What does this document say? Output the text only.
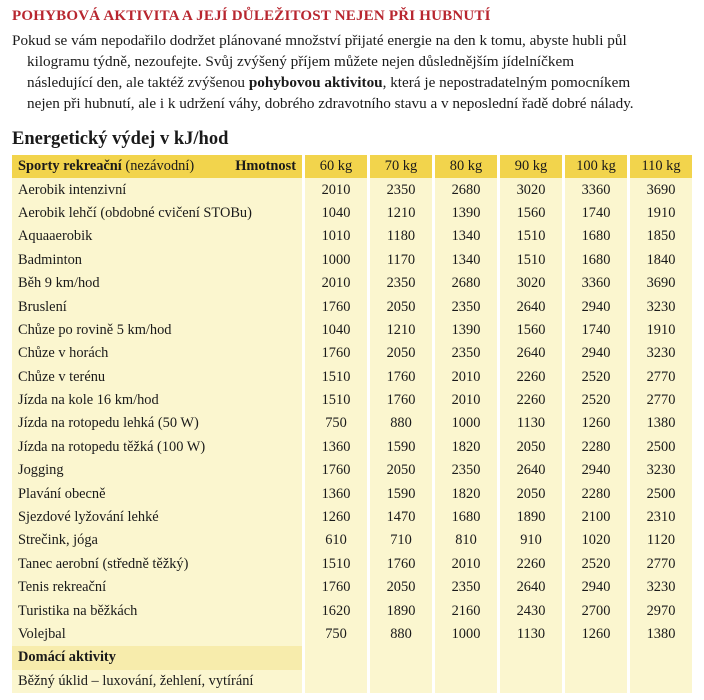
POHYBOVÁ AKTIVITA A JEJÍ DŮLEŽITOST NEJEN PŘI HUBNUTÍ
Pokud se vám nepodařilo dodržet plánované množství přijaté energie na den k tomu, abyste hubli půl
kilogramu týdně, nezoufejte. Svůj zvýšený příjem můžete nejen důslednějším jídelníčkem
následující den, ale taktéž zvýšenou pohybovou aktivitou, která je nepostradatelným pomocníkem
nejen při hubnutí, ale i k udržení váhy, dobrého zdravotního stavu a v neposlední řadě dobré nálady.
Energetický výdej v kJ/hod
Sporty rekreační (nezávodní) Hmotnost	60 kg	70 kg	80 kg	90 kg	100 kg	110 kg
Aerobik intenzivní	2010	2350	2680	3020	3360	3690
Aerobik lehčí (obdobné cvičení STOBu)	1040	1210	1390	1560	1740	1910
Aquaaerobik	1010	1180	1340	1510	1680	1850
Badminton	1000	1170	1340	1510	1680	1840
Běh 9 km/hod	2010	2350	2680	3020	3360	3690
Bruslení	1760	2050	2350	2640	2940	3230
Chůze po rovině 5 km/hod	1040	1210	1390	1560	1740	1910
Chůze v horách	1760	2050	2350	2640	2940	3230
Chůze v terénu	1510	1760	2010	2260	2520	2770
Jízda na kole 16 km/hod	1510	1760	2010	2260	2520	2770
Jízda na rotopedu lehká (50 W)	750	880	1000	1130	1260	1380
Jízda na rotopedu těžká (100 W)	1360	1590	1820	2050	2280	2500
Jogging	1760	2050	2350	2640	2940	3230
Plavání obecně	1360	1590	1820	2050	2280	2500
Sjezdové lyžování lehké	1260	1470	1680	1890	2100	2310
Strečink, jóga	610	710	810	910	1020	1120
Tanec aerobní (středně těžký)	1510	1760	2010	2260	2520	2770
Tenis rekreační	1760	2050	2350	2640	2940	3230
Turistika na běžkách	1620	1890	2160	2430	2700	2970
Volejbal	750	880	1000	1130	1260	1380
Domácí aktivity						
Běžný úklid – luxování, žehlení, vytírání						
